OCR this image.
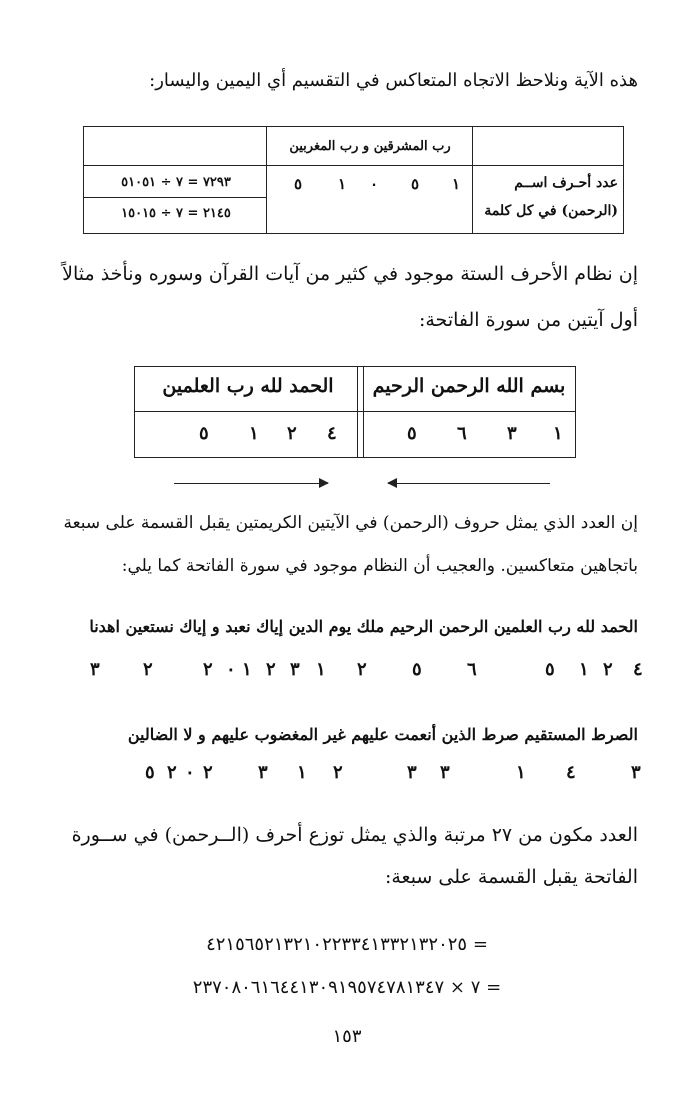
هذه الآية ونلاحظ الاتجاه المتعاكس في التقسيم أي اليمين واليسار:
رب المشرقين و رب المغربين
عدد أحـرف اســم
(الرحمن) في كل كلمة
١
٥
٠
١
٥
٧٢٩٣ = ٧ ÷ ٥١٠٥١
٢١٤٥ = ٧ ÷ ١٥٠١٥
إن نظام الأحرف الستة موجود في كثير من آيات القرآن وسوره ونأخذ مثالاً
أول آيتين من سورة الفاتحة:
بسم الله الرحمن الرحيم
الحمد لله رب العلمين
١
٣
٦
٥
٤
٢
١
٥
إن العدد الذي يمثل حروف (الرحمن) في الآيتين الكريمتين يقبل القسمة على سبعة
باتجاهين متعاكسين. والعجيب أن النظام موجود في سورة الفاتحة كما يلي:
الحمد لله رب العلمين الرحمن الرحيم ملك يوم الدين إياك نعبد و إياك نستعين اهدنا
٤
٢
١
٥
٦
٥
٢
١
٣
٢
١
٠
٢
٢
٣
الصرط المستقيم صرط الذين أنعمت عليهم غير المغضوب عليهم و لا الضالين
٣
٤
١
٣
٣
٢
١
٣
٢
٠
٢
٥
العدد مكون من ٢٧ مرتبة والذي يمثل توزع أحرف (الــرحمن) في ســورة
الفاتحة يقبل القسمة على سبعة:
٤٢١٥٦٥٢١٣٢١٠٢٢٣٣٤١٣٣٢١٣٢٠٢٥ =
٧ × ٢٣٧٠٨٠٦١٦٤٤١٣٠٩١٩٥٧٤٧٨١٣٤٧ =
١٥٣
